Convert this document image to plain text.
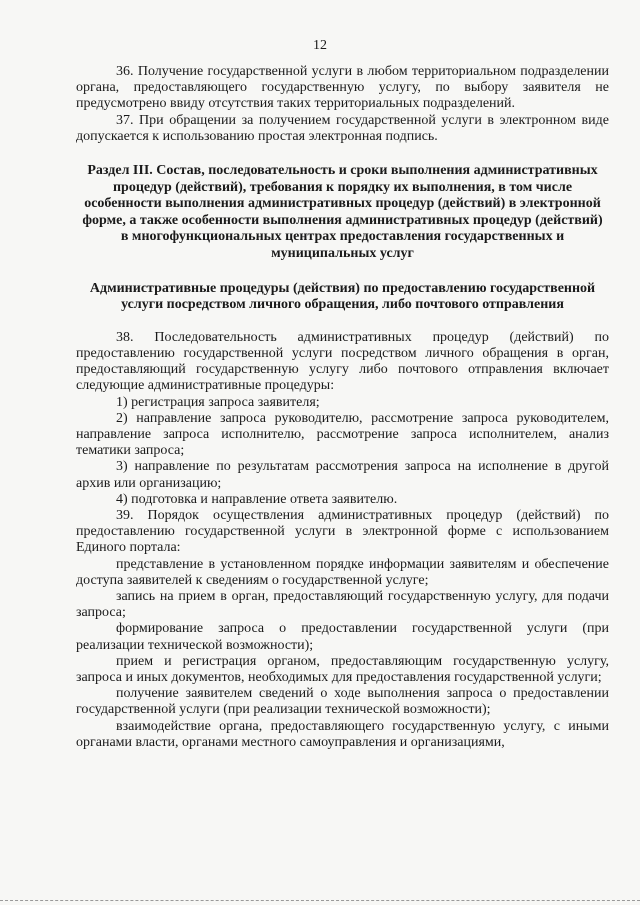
12

36. Получение государственной услуги в любом территориальном подразделении органа, предоставляющего государственную услугу, по выбору заявителя не предусмотрено ввиду отсутствия таких территориальных подразделений.

37. При обращении за получением государственной услуги в электронном виде допускается к использованию простая электронная подпись.

Раздел III. Состав, последовательность и сроки выполнения административных процедур (действий), требования к порядку их выполнения, в том числе особенности выполнения административных процедур (действий) в электронной форме, а также особенности выполнения административных процедур (действий) в многофункциональных центрах предоставления государственных и муниципальных услуг

Административные процедуры (действия) по предоставлению государственной услуги посредством личного обращения, либо почтового отправления

38. Последовательность административных процедур (действий) по предоставлению государственной услуги посредством личного обращения в орган, предоставляющий государственную услугу либо почтового отправления включает следующие административные процедуры:

1) регистрация запроса заявителя;

2) направление запроса руководителю, рассмотрение запроса руководителем, направление запроса исполнителю, рассмотрение запроса исполнителем, анализ тематики запроса;

3) направление по результатам рассмотрения запроса на исполнение в другой архив или организацию;

4) подготовка и направление ответа заявителю.

39. Порядок осуществления административных процедур (действий) по предоставлению государственной услуги в электронной форме с использованием Единого портала:

представление в установленном порядке информации заявителям и обеспечение доступа заявителей к сведениям о государственной услуге;

запись на прием в орган, предоставляющий государственную услугу, для подачи запроса;

формирование запроса о предоставлении государственной услуги (при реализации технической возможности);

прием и регистрация органом, предоставляющим государственную услугу, запроса и иных документов, необходимых для предоставления государственной услуги;

получение заявителем сведений о ходе выполнения запроса о предоставлении государственной услуги (при реализации технической возможности);

взаимодействие органа, предоставляющего государственную услугу, с иными органами власти, органами местного самоуправления и организациями,
